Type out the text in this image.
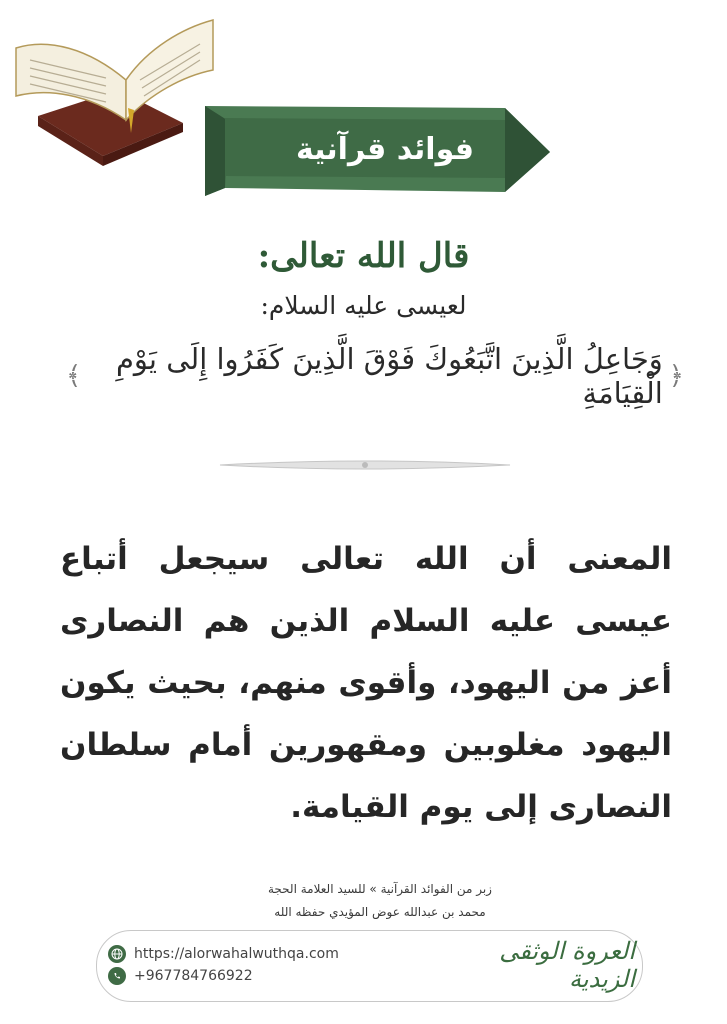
فوائد قرآنية
قال الله تعالى:
لعيسى عليه السلام:
﴿
وَجَاعِلُ الَّذِينَ اتَّبَعُوكَ فَوْقَ الَّذِينَ كَفَرُوا إِلَى يَوْمِ الْقِيَامَةِ
﴾
المعنى أن الله تعالى سيجعل أتباع عيسى عليه السلام الذين هم النصارى أعز من اليهود، وأقوى منهم، بحيث يكون اليهود مغلوبين ومقهورين أمام سلطان النصارى إلى يوم القيامة.
زبر من الفوائد القرآنية » للسيد العلامة الحجة
محمد بن عبدالله عوض المؤيدي حفظه الله
https://alorwahalwuthqa.com
+967784766922
العروة الوثقى الزيدية
